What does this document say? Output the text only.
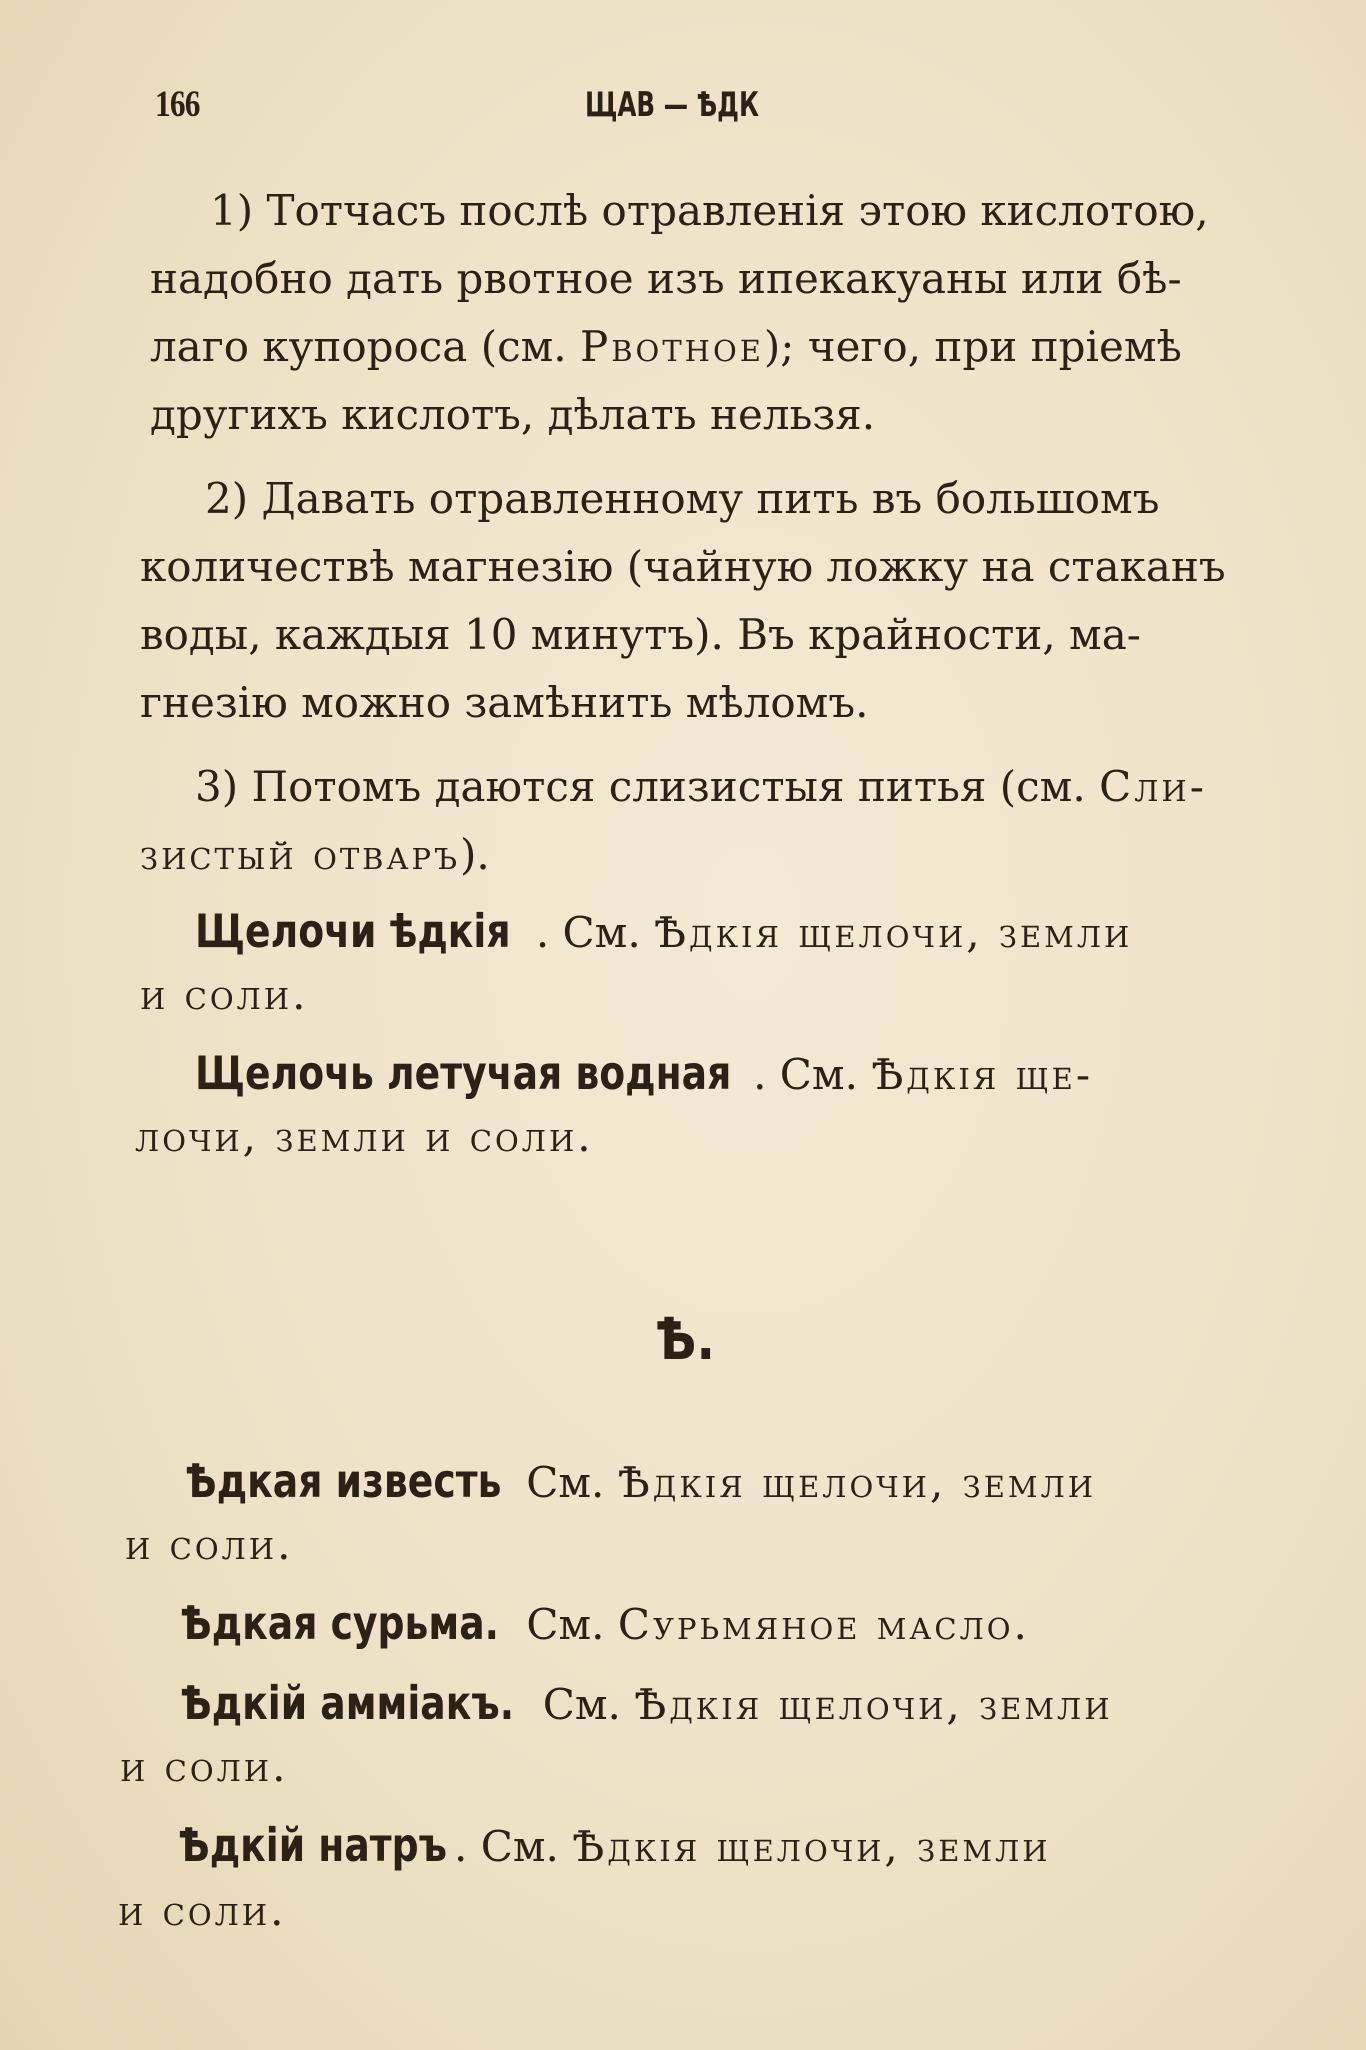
166	ЩАВ — ѢДК
1) Тотчасъ послѣ отравленія этою кислотою,
надобно дать рвотное изъ ипекакуаны или бѣ-
лаго купороса (см. Рвотное); чего, при пріемѣ
другихъ кислотъ, дѣлать нельзя.
2) Давать отравленному пить въ большомъ
количествѣ магнезію (чайную ложку на стаканъ
воды, каждыя 10 минутъ). Въ крайности, ма-
гнезію можно замѣнить мѣломъ.
3) Потомъ даются слизистыя питья (см. Сли-
зистый отваръ).
Щелочи ѣдкія . См. Ѣдкія щелочи, земли
и соли.
Щелочь летучая водная . См. Ѣдкія ще-
лочи, земли и соли.
Ѣ.
Ѣдкая известь См. Ѣдкія щелочи, земли
и соли.
Ѣдкая сурьма. См. Сурьмяное масло.
Ѣдкій амміакъ. См. Ѣдкія щелочи, земли
и соли.
Ѣдкій натръ . См. Ѣдкія щелочи, земли
и соли.
